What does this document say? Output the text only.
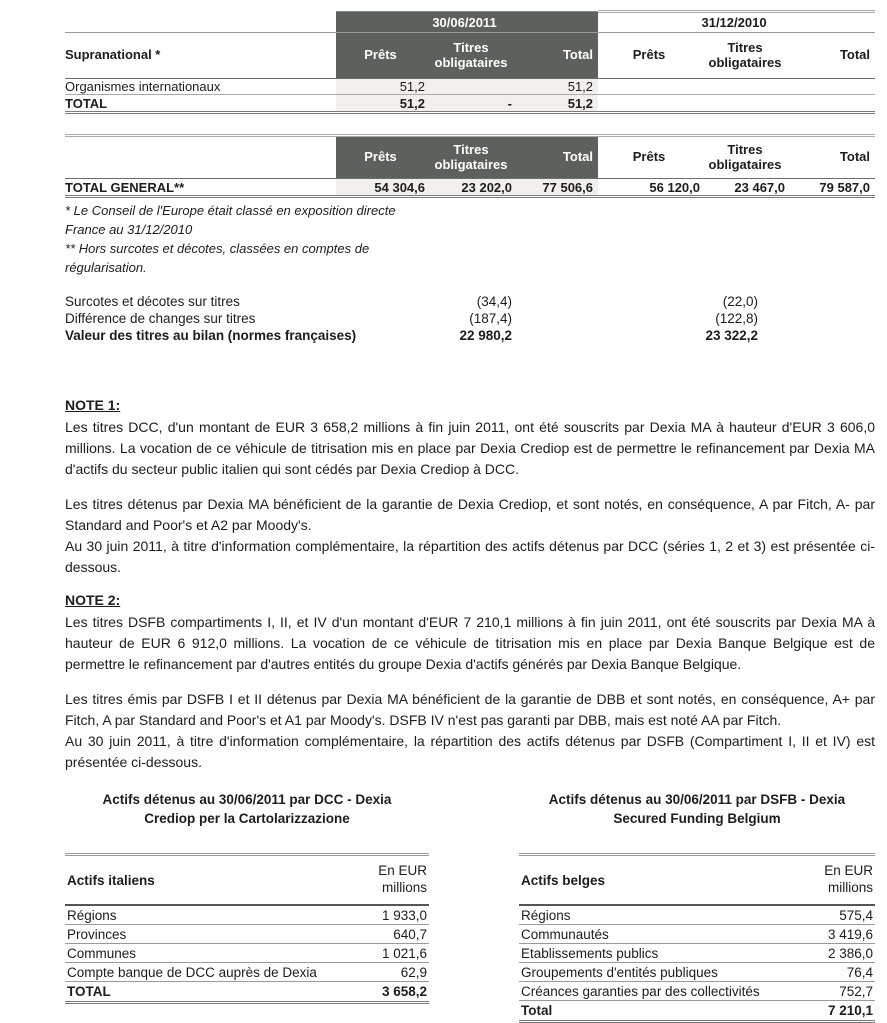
	30/06/2011			31/12/2010		
Supranational *	Prêts	Titres obligataires	Total	Prêts	Titres obligataires	Total
Organismes internationaux	51,2		51,2			
TOTAL	51,2	-	51,2			
	Prêts	Titres obligataires	Total	Prêts	Titres obligataires	Total
TOTAL GENERAL**	54 304,6	23 202,0	77 506,6	56 120,0	23 467,0	79 587,0
* Le Conseil de l'Europe était classé en exposition directe France au 31/12/2010
** Hors surcotes et décotes, classées en comptes de régularisation.
Surcotes et décotes sur titres	(34,4)	(22,0)
Différence de changes sur titres	(187,4)	(122,8)
Valeur des titres au bilan (normes françaises)	22 980,2	23 322,2
NOTE 1:

Les titres DCC, d'un montant de EUR 3 658,2 millions à fin juin 2011, ont été souscrits par Dexia MA à hauteur d'EUR 3 606,0 millions. La vocation de ce véhicule de titrisation mis en place par Dexia Crediop est de permettre le refinancement par Dexia MA d'actifs du secteur public italien qui sont cédés par Dexia Crediop à DCC.

Les titres détenus par Dexia MA bénéficient de la garantie de Dexia Crediop, et sont notés, en conséquence, A par Fitch, A- par Standard and Poor's et A2 par Moody's.

Au 30 juin 2011, à titre d'information complémentaire, la répartition des actifs détenus par DCC (séries 1, 2 et 3) est présentée ci-dessous.

NOTE 2:

Les titres DSFB compartiments I, II, et IV d'un montant d'EUR 7 210,1 millions à fin juin 2011, ont été souscrits par Dexia MA à hauteur de EUR 6 912,0 millions. La vocation de ce véhicule de titrisation mis en place par Dexia Banque Belgique est de permettre le refinancement par d'autres entités du groupe Dexia d'actifs générés par Dexia Banque Belgique.

Les titres émis par DSFB I et II détenus par Dexia MA bénéficient de la garantie de DBB et sont notés, en conséquence, A+ par Fitch, A par Standard and Poor's et A1 par Moody's. DSFB IV n'est pas garanti par DBB, mais est noté AA par Fitch.

Au 30 juin 2011, à titre d'information complémentaire, la répartition des actifs détenus par DSFB (Compartiment I, II et IV) est présentée ci-dessous.

Actifs détenus au 30/06/2011 par DCC - Dexia Crediop per la Cartolarizzazione
Actifs italiens	En EUR millions
Régions	1 933,0
Provinces	640,7
Communes	1 021,6
Compte banque de DCC auprès de Dexia	62,9
TOTAL	3 658,2
Actifs détenus au 30/06/2011 par DSFB - Dexia Secured Funding Belgium
Actifs belges	En EUR millions
Régions	575,4
Communautés	3 419,6
Etablissements publics	2 386,0
Groupements d'entités publiques	76,4
Créances garanties par des collectivités	752,7
Total	7 210,1
